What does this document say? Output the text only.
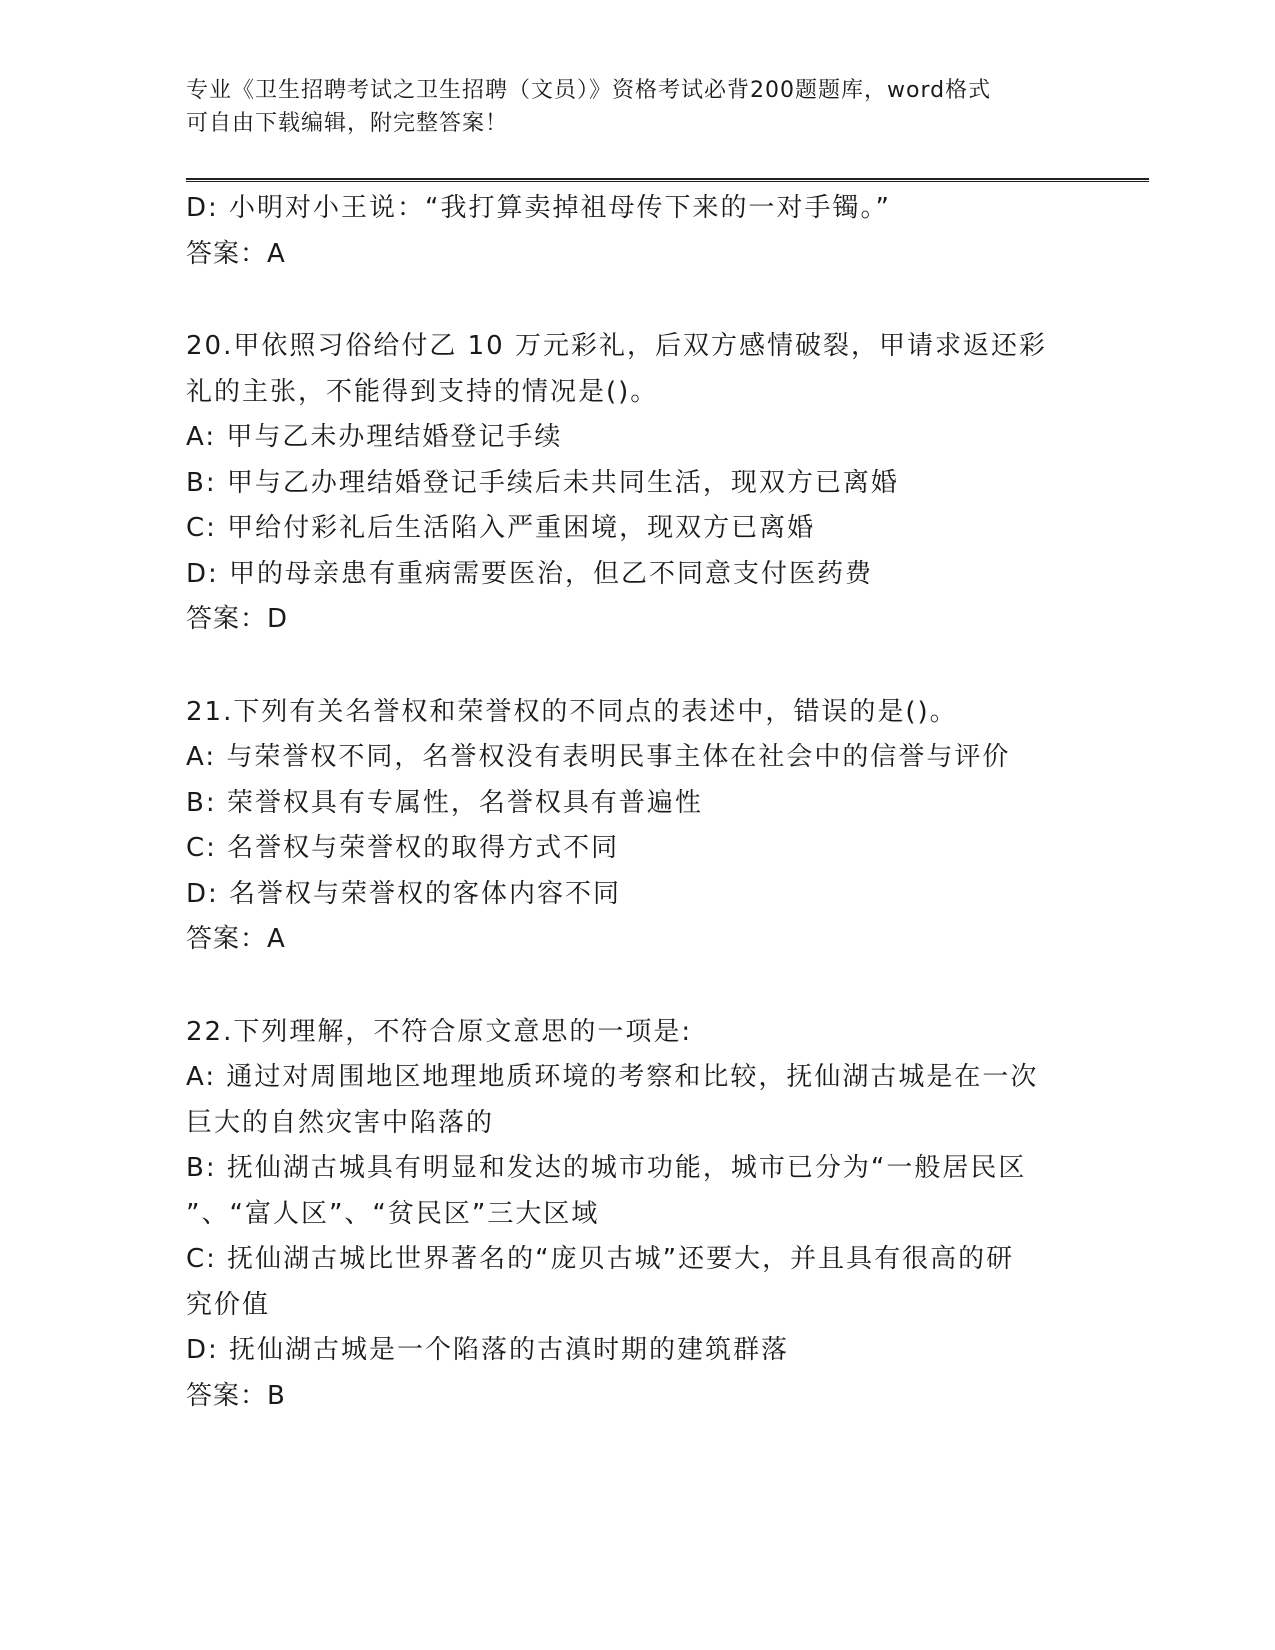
专业《卫生招聘考试之卫生招聘（文员）》资格考试必背200题题库，word格式
可自由下载编辑，附完整答案！

D: 小明对小王说：“我打算卖掉祖母传下来的一对手镯。”

答案：A

20.甲依照习俗给付乙 10 万元彩礼，后双方感情破裂，甲请求返还彩

礼的主张，不能得到支持的情况是()。

A: 甲与乙未办理结婚登记手续

B: 甲与乙办理结婚登记手续后未共同生活，现双方已离婚

C: 甲给付彩礼后生活陷入严重困境，现双方已离婚

D: 甲的母亲患有重病需要医治，但乙不同意支付医药费

答案：D

21.下列有关名誉权和荣誉权的不同点的表述中，错误的是()。

A: 与荣誉权不同，名誉权没有表明民事主体在社会中的信誉与评价

B: 荣誉权具有专属性，名誉权具有普遍性

C: 名誉权与荣誉权的取得方式不同

D: 名誉权与荣誉权的客体内容不同

答案：A

22.下列理解，不符合原文意思的一项是:

A: 通过对周围地区地理地质环境的考察和比较，抚仙湖古城是在一次

巨大的自然灾害中陷落的

B: 抚仙湖古城具有明显和发达的城市功能，城市已分为“一般居民区

”、“富人区”、“贫民区”三大区域

C: 抚仙湖古城比世界著名的“庞贝古城”还要大，并且具有很高的研

究价值

D: 抚仙湖古城是一个陷落的古滇时期的建筑群落

答案：B
